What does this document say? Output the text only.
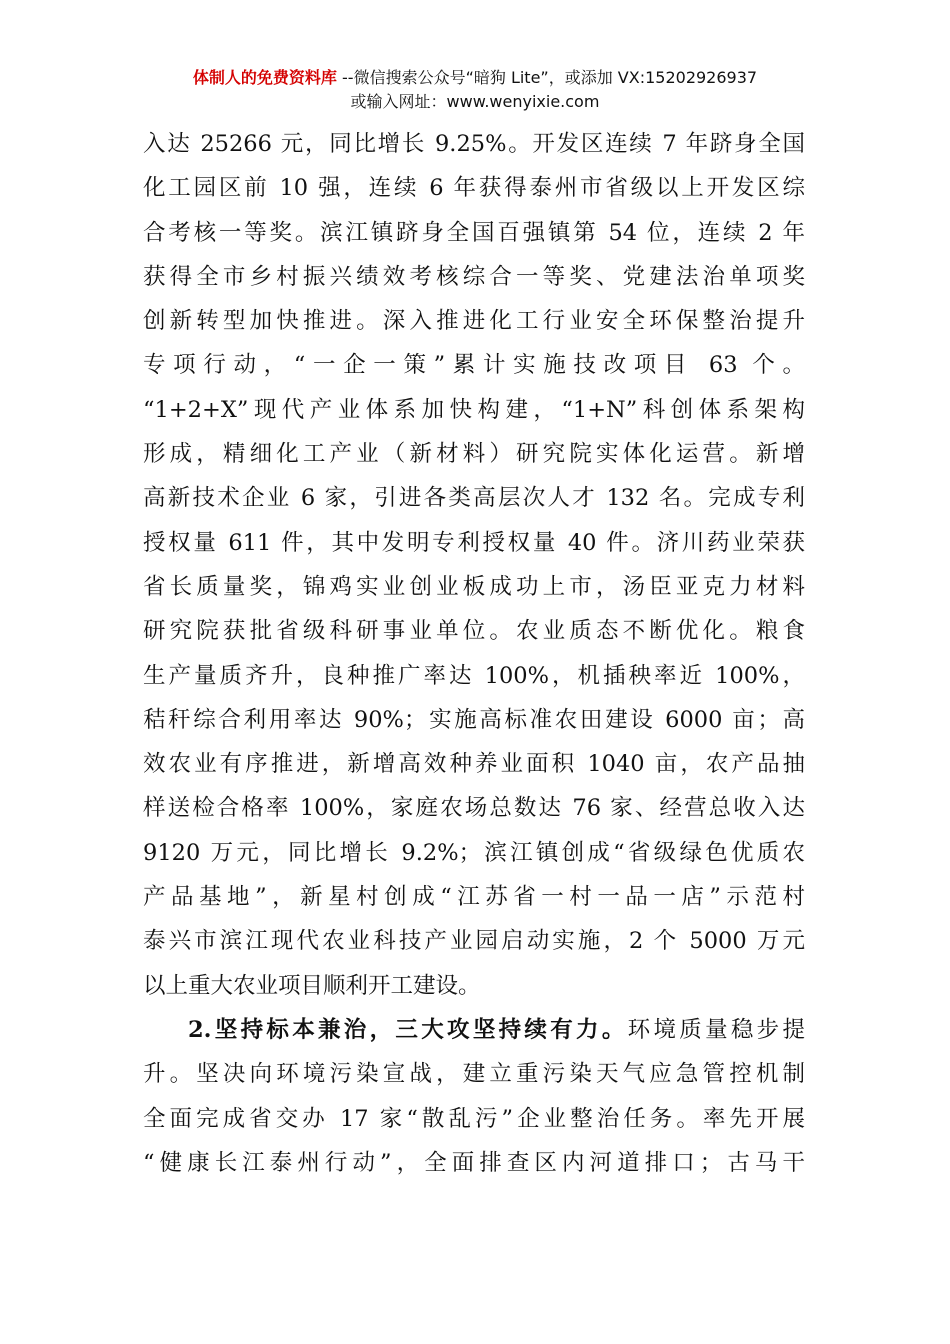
体制人的免费资料库 --微信搜索公众号“暗狗 Lite”，或添加 VX:15202926937
或输入网址：www.wenyixie.com
入达 25266 元，同比增长 9.25%。开发区连续 7 年跻身全国
化工园区前 10 强，连续 6 年获得泰州市省级以上开发区综
合考核一等奖。滨江镇跻身全国百强镇第 54 位，连续 2 年
获得全市乡村振兴绩效考核综合一等奖、党建法治单项奖
创新转型加快推进。深入推进化工行业安全环保整治提升
专项行动，“一企一策”累计实施技改项目 63 个。
“1+2+X”现代产业体系加快构建，“1+N”科创体系架构
形成，精细化工产业（新材料）研究院实体化运营。新增
高新技术企业 6 家，引进各类高层次人才 132 名。完成专利
授权量 611 件，其中发明专利授权量 40 件。济川药业荣获
省长质量奖，锦鸡实业创业板成功上市，汤臣亚克力材料
研究院获批省级科研事业单位。农业质态不断优化。粮食
生产量质齐升，良种推广率达 100%，机插秧率近 100%，
秸秆综合利用率达 90%；实施高标准农田建设 6000 亩；高
效农业有序推进，新增高效种养业面积 1040 亩，农产品抽
样送检合格率 100%，家庭农场总数达 76 家、经营总收入达
9120 万元，同比增长 9.2%；滨江镇创成“省级绿色优质农
产品基地”，新星村创成“江苏省一村一品一店”示范村
泰兴市滨江现代农业科技产业园启动实施，2 个 5000 万元
以上重大农业项目顺利开工建设。
2.坚持标本兼治，三大攻坚持续有力。环境质量稳步提
升。坚决向环境污染宣战，建立重污染天气应急管控机制
全面完成省交办 17 家“散乱污”企业整治任务。率先开展
“健康长江泰州行动”，全面排查区内河道排口；古马干
